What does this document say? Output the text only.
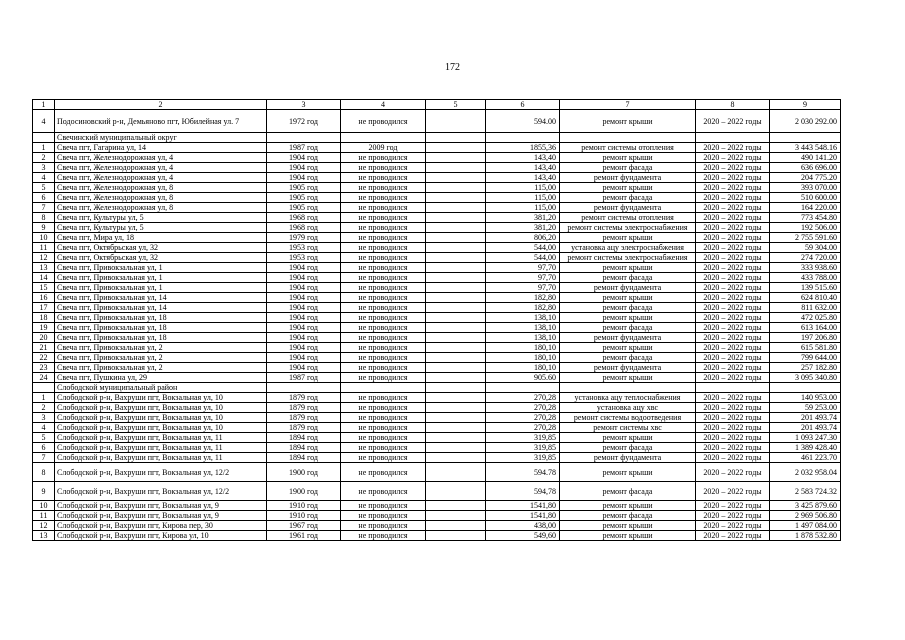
172
1	2	3	4	5	6	7	8	9
4	Подосиновский р-н, Демьяново пгт, Юбилейная ул. 7	1972 год	не проводился		594.00	ремонт крыши	2020 – 2022 годы	2 030 292.00
	Свечинский муниципальный округ							
1	Свеча пгт, Гагарина ул, 14	1987 год	2009 год		1855,36	ремонт системы отопления	2020 – 2022 годы	3 443 548.16
2	Свеча пгт, Железнодорожная ул, 4	1904 год	не проводился		143,40	ремонт крыши	2020 – 2022 годы	490 141.20
3	Свеча пгт, Железнодорожная ул, 4	1904 год	не проводился		143,40	ремонт фасада	2020 – 2022 годы	636 696.00
4	Свеча пгт, Железнодорожная ул, 4	1904 год	не проводился		143,40	ремонт фундамента	2020 – 2022 годы	204 775.20
5	Свеча пгт, Железнодорожная ул, 8	1905 год	не проводился		115,00	ремонт крыши	2020 – 2022 годы	393 070.00
6	Свеча пгт, Железнодорожная ул, 8	1905 год	не проводился		115,00	ремонт фасада	2020 – 2022 годы	510 600.00
7	Свеча пгт, Железнодорожная ул, 8	1905 год	не проводился		115,00	ремонт фундамента	2020 – 2022 годы	164 220.00
8	Свеча пгт, Культуры ул, 5	1968 год	не проводился		381,20	ремонт системы отопления	2020 – 2022 годы	773 454.80
9	Свеча пгт, Культуры ул, 5	1968 год	не проводился		381,20	ремонт системы электроснабжения	2020 – 2022 годы	192 506.00
10	Свеча пгт, Мира ул, 18	1979 год	не проводился		806,20	ремонт крыши	2020 – 2022 годы	2 755 591.60
11	Свеча пгт, Октябрьская ул, 32	1953 год	не проводился		544,00	установка ацу электроснабжения	2020 – 2022 годы	59 304.00
12	Свеча пгт, Октябрьская ул, 32	1953 год	не проводился		544,00	ремонт системы электроснабжения	2020 – 2022 годы	274 720.00
13	Свеча пгт, Привокзальная ул, 1	1904 год	не проводился		97,70	ремонт крыши	2020 – 2022 годы	333 938.60
14	Свеча пгт, Привокзальная ул, 1	1904 год	не проводился		97,70	ремонт фасада	2020 – 2022 годы	433 788.00
15	Свеча пгт, Привокзальная ул, 1	1904 год	не проводился		97,70	ремонт фундамента	2020 – 2022 годы	139 515.60
16	Свеча пгт, Привокзальная ул, 14	1904 год	не проводился		182,80	ремонт крыши	2020 – 2022 годы	624 810.40
17	Свеча пгт, Привокзальная ул, 14	1904 год	не проводился		182,80	ремонт фасада	2020 – 2022 годы	811 632.00
18	Свеча пгт, Привокзальная ул, 18	1904 год	не проводился		138,10	ремонт крыши	2020 – 2022 годы	472 025.80
19	Свеча пгт, Привокзальная ул, 18	1904 год	не проводился		138,10	ремонт фасада	2020 – 2022 годы	613 164.00
20	Свеча пгт, Привокзальная ул, 18	1904 год	не проводился		138,10	ремонт фундамента	2020 – 2022 годы	197 206.80
21	Свеча пгт, Привокзальная ул, 2	1904 год	не проводился		180,10	ремонт крыши	2020 – 2022 годы	615 581.80
22	Свеча пгт, Привокзальная ул, 2	1904 год	не проводился		180,10	ремонт фасада	2020 – 2022 годы	799 644.00
23	Свеча пгт, Привокзальная ул, 2	1904 год	не проводился		180,10	ремонт фундамента	2020 – 2022 годы	257 182.80
24	Свеча пгт, Пушкина ул, 29	1987 год	не проводился		905.60	ремонт крыши	2020 – 2022 годы	3 095 340.80
	Слободской муниципальный район							
1	Слободской р-н, Вахруши пгт, Вокзальная ул, 10	1879 год	не проводился		270,28	установка ацу теплоснабжения	2020 – 2022 годы	140 953.00
2	Слободской р-н, Вахруши пгт, Вокзальная ул, 10	1879 год	не проводился		270,28	установка ацу хвс	2020 – 2022 годы	59 253.00
3	Слободской р-н, Вахруши пгт, Вокзальная ул, 10	1879 год	не проводился		270,28	ремонт системы водоотведения	2020 – 2022 годы	201 493.74
4	Слободской р-н, Вахруши пгт, Вокзальная ул, 10	1879 год	не проводился		270,28	ремонт системы хвс	2020 – 2022 годы	201 493.74
5	Слободской р-н, Вахруши пгт, Вокзальная ул, 11	1894 год	не проводился		319,85	ремонт крыши	2020 – 2022 годы	1 093 247.30
6	Слободской р-н, Вахруши пгт, Вокзальная ул, 11	1894 год	не проводился		319,85	ремонт фасада	2020 – 2022 годы	1 389 428.40
7	Слободской р-н, Вахруши пгт, Вокзальная ул, 11	1894 год	не проводился		319,85	ремонт фундамента	2020 – 2022 годы	461 223.70
8	Слободской р-н, Вахруши пгт, Вокзальная ул, 12/2	1900 год	не проводился		594.78	ремонт крыши	2020 – 2022 годы	2 032 958.04
9	Слободской р-н, Вахруши пгт, Вокзальная ул, 12/2	1900 год	не проводился		594,78	ремонт фасада	2020 – 2022 годы	2 583 724.32
10	Слободской р-н, Вахруши пгт, Вокзальная ул, 9	1910 год	не проводился		1541,80	ремонт крыши	2020 – 2022 годы	3 425 879.60
11	Слободской р-н, Вахруши пгт, Вокзальная ул, 9	1910 год	не проводился		1541,80	ремонт фасада	2020 – 2022 годы	2 969 506.80
12	Слободской р-н, Вахруши пгт, Кирова пер, 30	1967 год	не проводился		438,00	ремонт крыши	2020 – 2022 годы	1 497 084.00
13	Слободской р-н, Вахруши пгт, Кирова ул, 10	1961 год	не проводился		549,60	ремонт крыши	2020 – 2022 годы	1 878 532.80
